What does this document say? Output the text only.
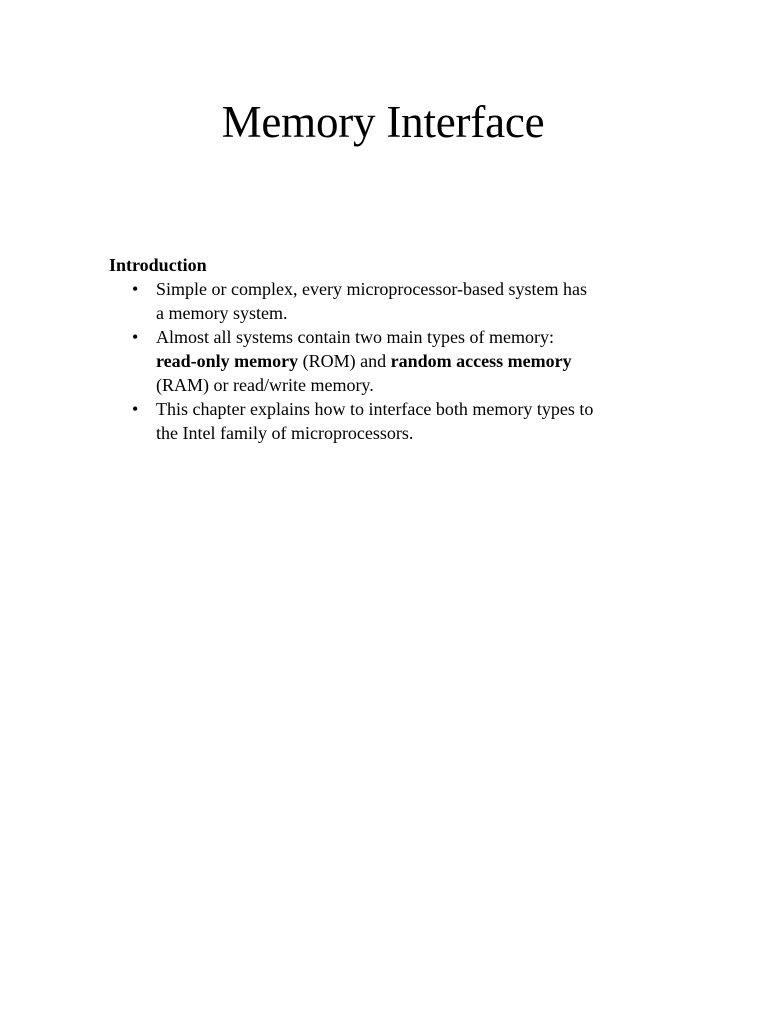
Memory Interface
Introduction
• Simple or complex, every microprocessor-based system has
a memory system.
• Almost all systems contain two main types of memory:
read-only memory (ROM) and random access memory
(RAM) or read/write memory.
• This chapter explains how to interface both memory types to
the Intel family of microprocessors.
